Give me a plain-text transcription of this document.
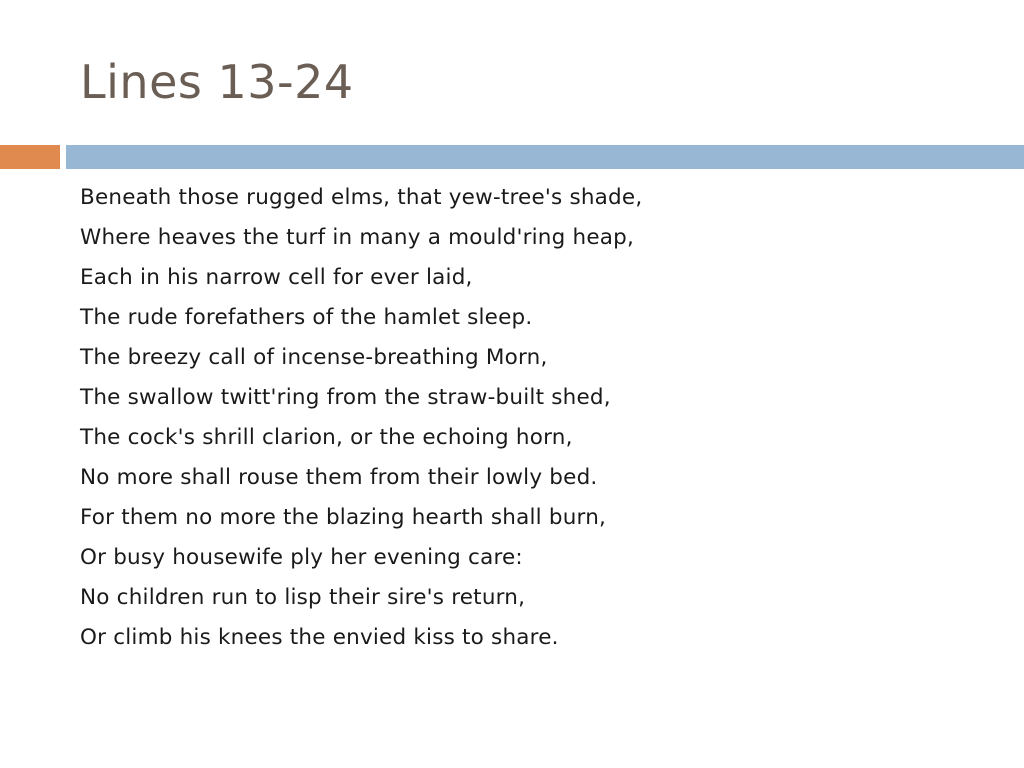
Lines 13-24
Beneath those rugged elms, that yew-tree's shade,
Where heaves the turf in many a mould'ring heap,
Each in his narrow cell for ever laid,
The rude forefathers of the hamlet sleep.
The breezy call of incense-breathing Morn,
The swallow twitt'ring from the straw-built shed,
The cock's shrill clarion, or the echoing horn,
No more shall rouse them from their lowly bed.
For them no more the blazing hearth shall burn,
Or busy housewife ply her evening care:
No children run to lisp their sire's return,
Or climb his knees the envied kiss to share.
